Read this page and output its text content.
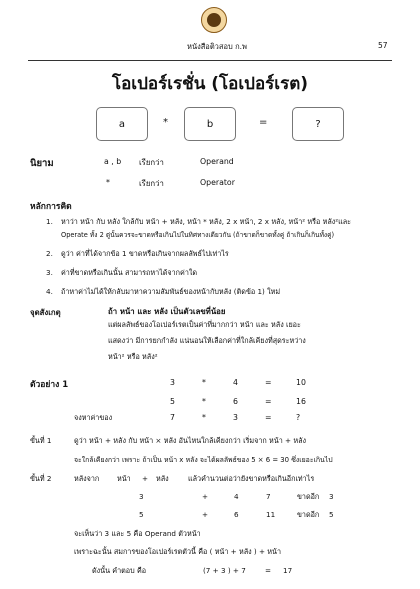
หนังสือติวสอบ ก.พ	57
โอเปอร์เรชั่น (โอเปอร์เรต)
a	*	b	=	?
นิยาม	a , b เรียกว่า	Operand
*	เรียกว่า	Operator
หลักการคิด
1. หาว่า หน้า กับ หลัง ใกล้กับ หน้า + หลัง, หน้า * หลัง, 2 x หน้า, 2 x หลัง, หน้า² หรือ หลัง²และ
Operate ทั้ง 2 ตู่นั้นควรจะขาดหรือเกินไปในทิศทางเดียวกัน (ถ้าขาดก็ขาดทั้งคู่ ถ้าเกินก็เกินทั้งคู่)
2. ดูว่า ค่าที่ได้จากข้อ 1 ขาดหรือเกินจากผลลัพธ์ไปเท่าไร
3. ค่าที่ขาดหรือเกินนั้น สามารถหาได้จากค่าใด
4. ถ้าหาค่าไม่ได้ให้กลับมาหาความสัมพันธ์ของหน้ากับหลัง (ติดข้อ 1) ใหม่
จุดสังเกตุ	ถ้า หน้า และ หลัง เป็นตัวเลขที่น้อย
แต่ผลลัพธ์ของโอเปอร์เรตเป็นค่าที่มากกว่า หน้า และ หลัง เยอะ
แสดงว่า มีการยกกำลัง แน่นอนให้เลือกค่าที่ใกล้เคียงที่สุดระหว่าง
หน้า² หรือ หลัง²
ตัวอย่าง 1	3	*	4	=	10
5	*	6	=	16
จงหาค่าของ	7	*	3	=	?
ขั้นที่ 1	ดูว่า หน้า + หลัง กับ หน้า × หลัง อันไหนใกล้เคียงกว่า เริ่มจาก หน้า + หลัง
จะใกล้เคียงกว่า เพราะ ถ้าเป็น หน้า x หลัง จะได้ผลลัพธ์ของ 5 × 6 = 30 ซึ่งเยอะเกินไป
ขั้นที่ 2	หลังจาก หน้า + หลัง	แล้วคำนวนต่อว่ายังขาดหรือเกินอีกเท่าไร
3	+	4	7	ขาดอีก 3
5	+	6	11	ขาดอีก 5
จะเห็นว่า 3 และ 5 คือ Operand ตัวหน้า
เพราะฉะนั้น สมการของโอเปอร์เรตตัวนี้ คือ ( หน้า + หลัง ) + หน้า
ดังนั้น คำตอบ คือ	(7 + 3 ) + 7	= 17
